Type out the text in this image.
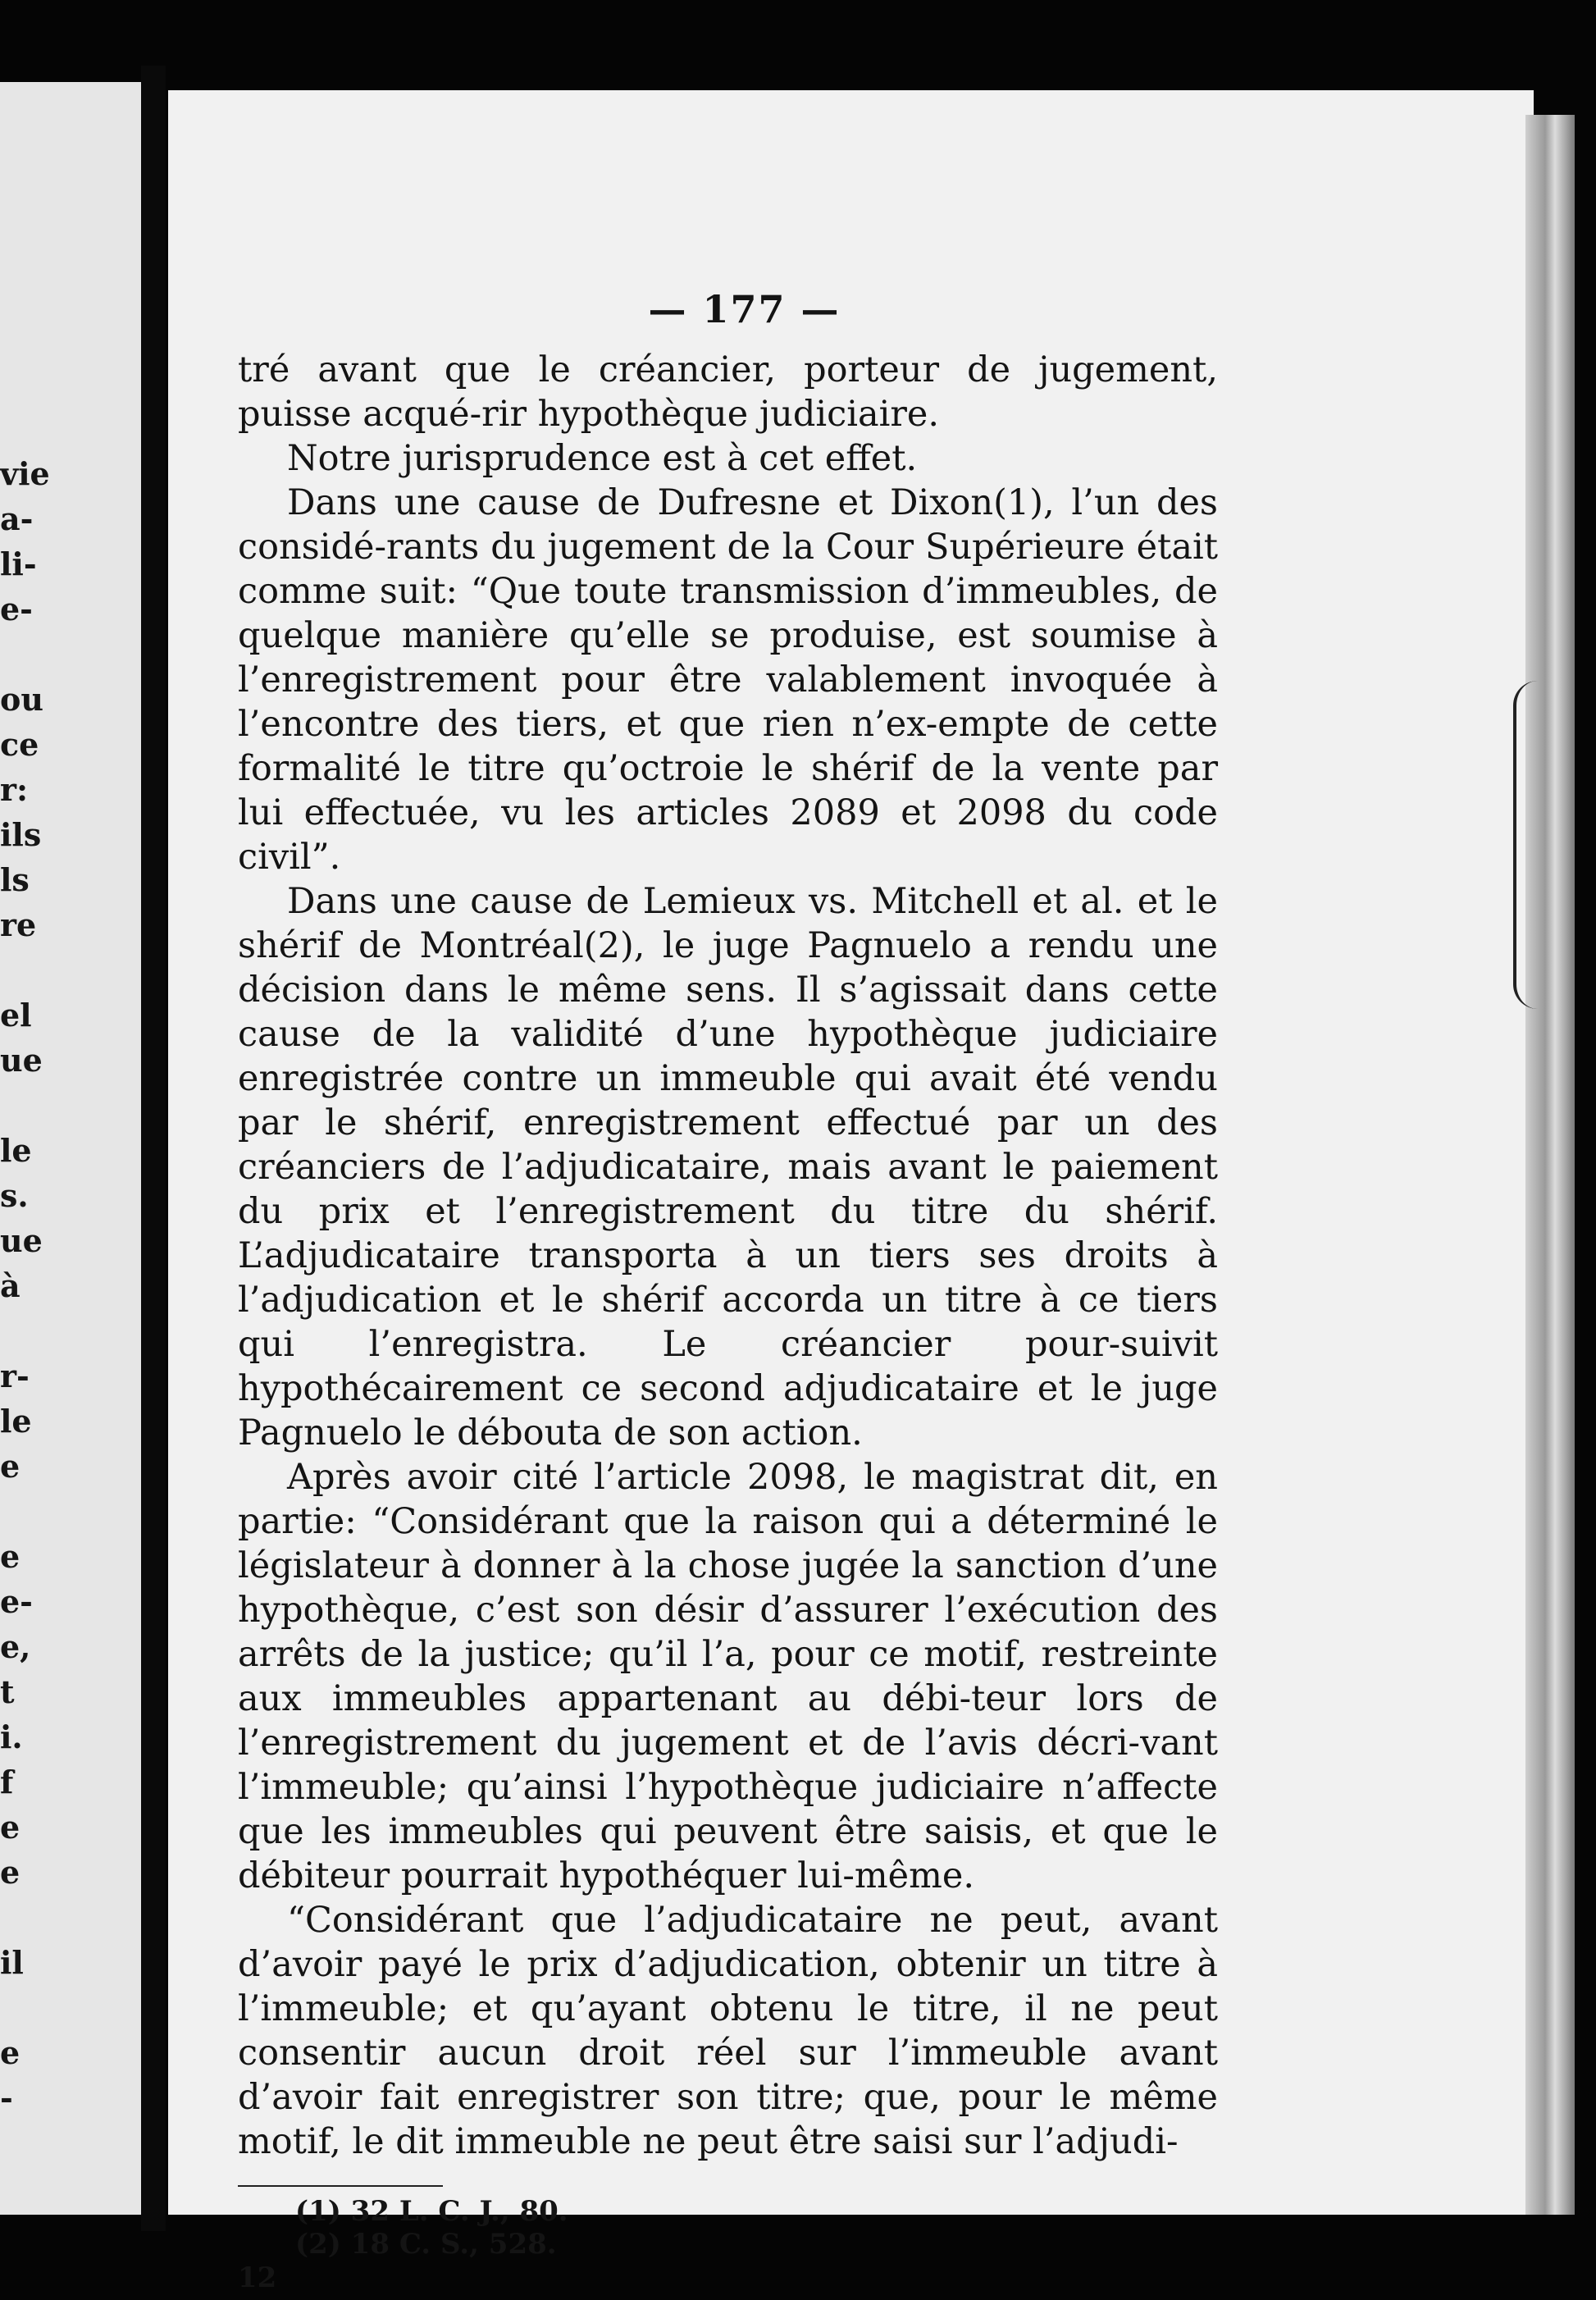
vie
a-
li-
e-
ou
ce
r:
ils
ls
re
el
ue
le
s.
ue
à
r-
le
e
e
e-
e,
t
i.
f
e
e
il
e
-
— 177 —

tré avant que le créancier, porteur de jugement, puisse acqué-rir hypothèque judiciaire.

Notre jurisprudence est à cet effet.

Dans une cause de Dufresne et Dixon(1), l’un des considé-rants du jugement de la Cour Supérieure était comme suit: “Que toute transmission d’immeubles, de quelque manière qu’elle se produise, est soumise à l’enregistrement pour être valablement invoquée à l’encontre des tiers, et que rien n’ex-empte de cette formalité le titre qu’octroie le shérif de la vente par lui effectuée, vu les articles 2089 et 2098 du code civil”.

Dans une cause de Lemieux vs. Mitchell et al. et le shérif de Montréal(2), le juge Pagnuelo a rendu une décision dans le même sens. Il s’agissait dans cette cause de la validité d’une hypothèque judiciaire enregistrée contre un immeuble qui avait été vendu par le shérif, enregistrement effectué par un des créanciers de l’adjudicataire, mais avant le paiement du prix et l’enregistrement du titre du shérif. L’adjudicataire transporta à un tiers ses droits à l’adjudication et le shérif accorda un titre à ce tiers qui l’enregistra. Le créancier pour-suivit hypothécairement ce second adjudicataire et le juge Pagnuelo le débouta de son action.

Après avoir cité l’article 2098, le magistrat dit, en partie: “Considérant que la raison qui a déterminé le législateur à donner à la chose jugée la sanction d’une hypothèque, c’est son désir d’assurer l’exécution des arrêts de la justice; qu’il l’a, pour ce motif, restreinte aux immeubles appartenant au débi-teur lors de l’enregistrement du jugement et de l’avis décri-vant l’immeuble; qu’ainsi l’hypothèque judiciaire n’affecte que les immeubles qui peuvent être saisis, et que le débiteur pourrait hypothéquer lui-même.

“Considérant que l’adjudicataire ne peut, avant d’avoir payé le prix d’adjudication, obtenir un titre à l’immeuble; et qu’ayant obtenu le titre, il ne peut consentir aucun droit réel sur l’immeuble avant d’avoir fait enregistrer son titre; que, pour le même motif, le dit immeuble ne peut être saisi sur l’adjudi-

(1) 32 L. C. J., 80.
(2) 18 C. S., 528.
12
